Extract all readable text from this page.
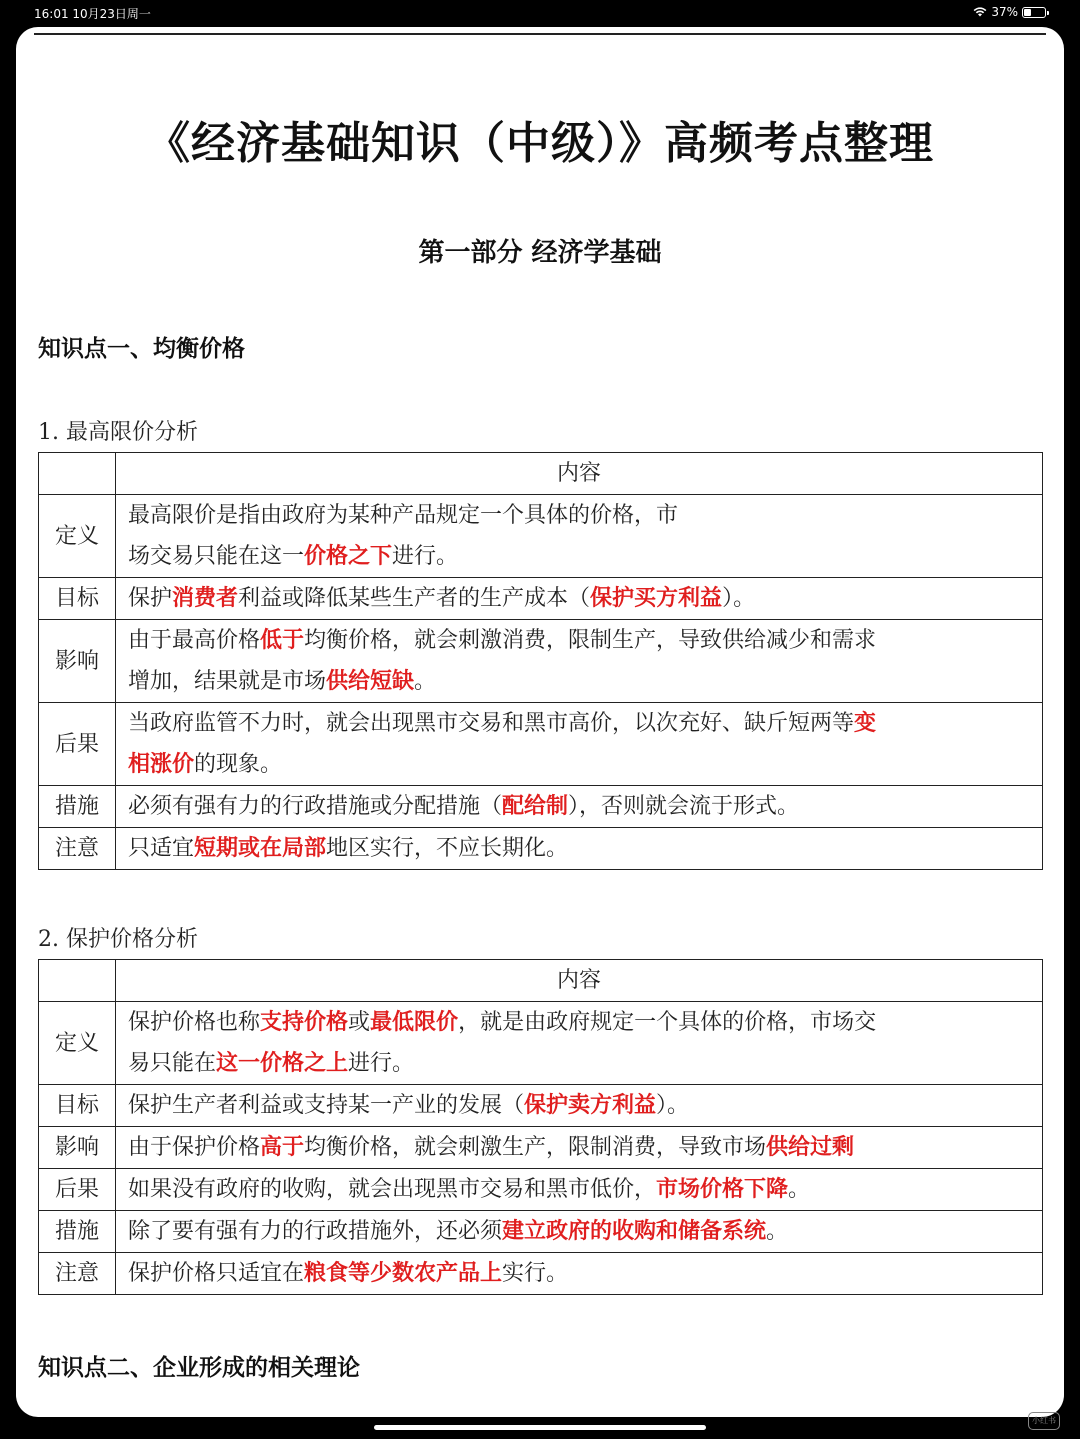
16:01 10月23日周一	37%
《经济基础知识（中级）》高频考点整理
第一部分 经济学基础
知识点一、均衡价格
1. 最高限价分析
	内容
定义	最高限价是指由政府为某种产品规定一个具体的价格，市
场交易只能在这一价格之下进行。
目标	保护消费者利益或降低某些生产者的生产成本（保护买方利益）。
影响	由于最高价格低于均衡价格，就会刺激消费，限制生产，导致供给减少和需求
增加，结果就是市场供给短缺。
后果	当政府监管不力时，就会出现黑市交易和黑市高价，以次充好、缺斤短两等变
相涨价的现象。
措施	必须有强有力的行政措施或分配措施（配给制），否则就会流于形式。
注意	只适宜短期或在局部地区实行，不应长期化。
2. 保护价格分析
	内容
定义	保护价格也称支持价格或最低限价，就是由政府规定一个具体的价格，市场交
易只能在这一价格之上进行。
目标	保护生产者利益或支持某一产业的发展（保护卖方利益）。
影响	由于保护价格高于均衡价格，就会刺激生产，限制消费，导致市场供给过剩
后果	如果没有政府的收购，就会出现黑市交易和黑市低价，市场价格下降。
措施	除了要有强有力的行政措施外，还必须建立政府的收购和储备系统。
注意	保护价格只适宜在粮食等少数农产品上实行。
知识点二、企业形成的相关理论
小红书
